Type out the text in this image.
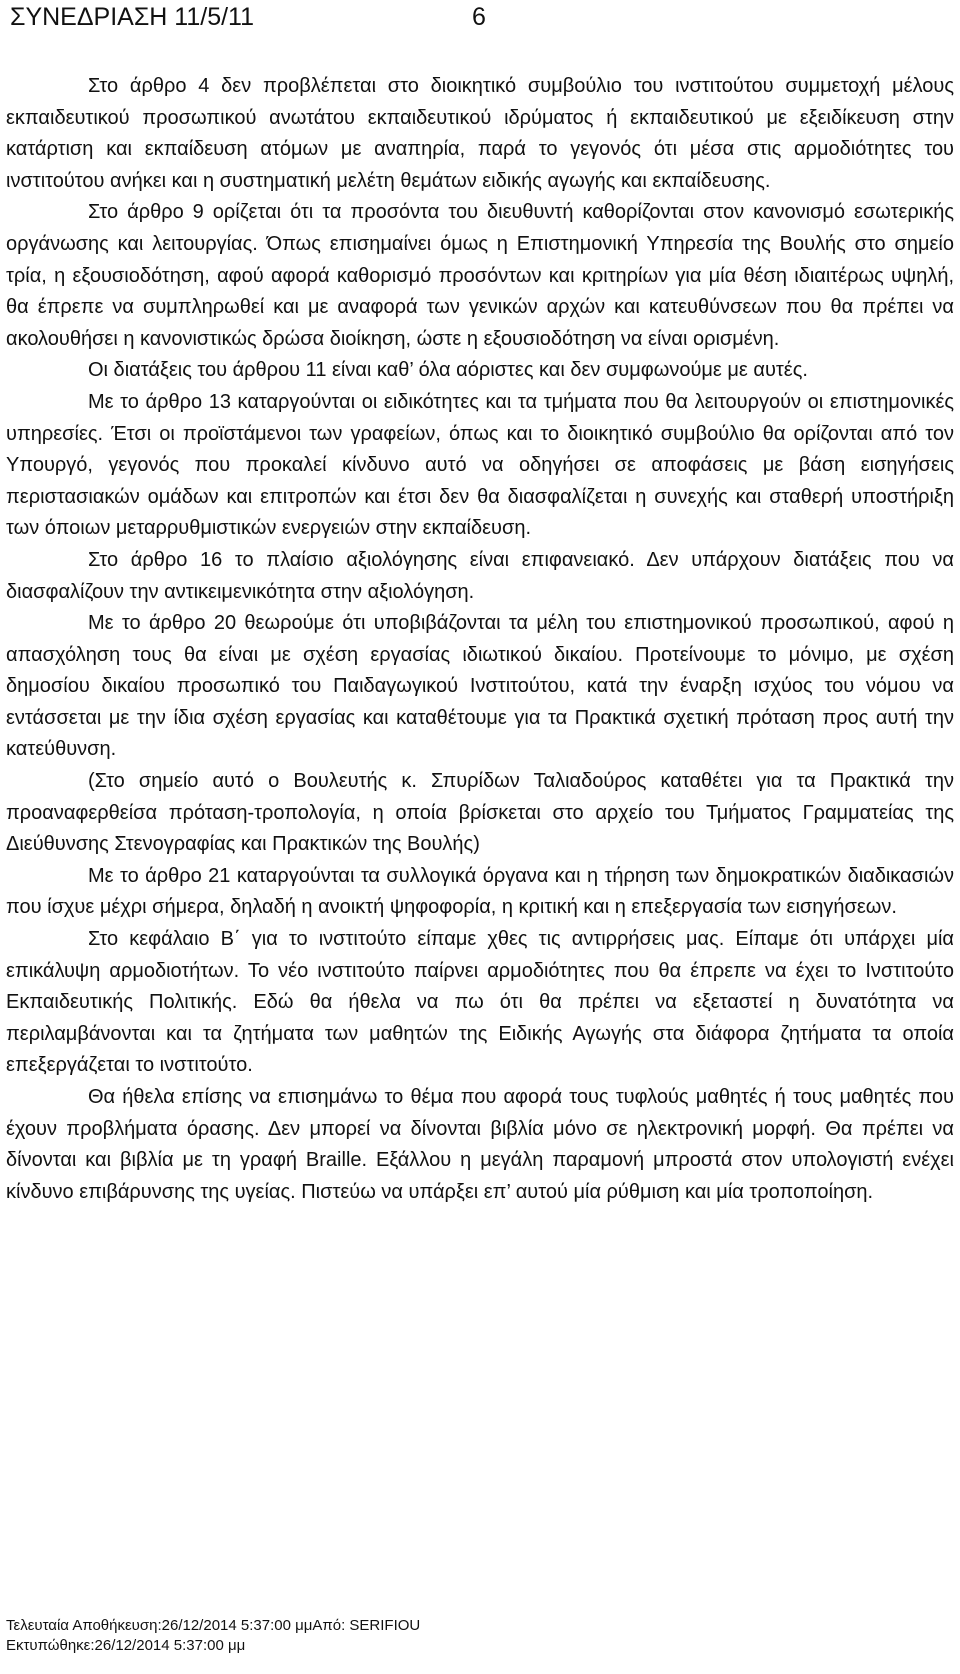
ΣΥΝΕΔΡΙΑΣΗ 11/5/11	6

Στο άρθρο 4 δεν προβλέπεται στο διοικητικό συμβούλιο του ινστιτούτου συμμετοχή μέλους εκπαιδευτικού προσωπικού ανωτάτου εκπαιδευτικού ιδρύματος ή εκπαιδευτικού με εξειδίκευση στην κατάρτιση και εκπαίδευση ατόμων με αναπηρία, παρά το γεγονός ότι μέσα στις αρμοδιότητες του ινστιτούτου ανήκει και η συστηματική μελέτη θεμάτων ειδικής αγωγής και εκπαίδευσης.

Στο άρθρο 9 ορίζεται ότι τα προσόντα του διευθυντή καθορίζονται στον κανονισμό εσωτερικής οργάνωσης και λειτουργίας. Όπως επισημαίνει όμως η Επιστημονική Υπηρεσία της Βουλής στο σημείο τρία, η εξουσιοδότηση, αφού αφορά καθορισμό προσόντων και κριτηρίων για μία θέση ιδιαιτέρως υψηλή, θα έπρεπε να συμπληρωθεί και με αναφορά των γενικών αρχών και κατευθύνσεων που θα πρέπει να ακολουθήσει η κανονιστικώς δρώσα διοίκηση, ώστε η εξουσιοδότηση να είναι ορισμένη.

Οι διατάξεις του άρθρου 11 είναι καθ’ όλα αόριστες και δεν συμφωνούμε με αυτές.

Με το άρθρο 13 καταργούνται οι ειδικότητες και τα τμήματα που θα λειτουργούν οι επιστημονικές υπηρεσίες. Έτσι οι προϊστάμενοι των γραφείων, όπως και το διοικητικό συμβούλιο θα ορίζονται από τον Υπουργό, γεγονός που προκαλεί κίνδυνο αυτό να οδηγήσει σε αποφάσεις με βάση εισηγήσεις περιστασιακών ομάδων και επιτροπών και έτσι δεν θα διασφαλίζεται η συνεχής και σταθερή υποστήριξη των όποιων μεταρρυθμιστικών ενεργειών στην εκπαίδευση.

Στο άρθρο 16 το πλαίσιο αξιολόγησης είναι επιφανειακό. Δεν υπάρχουν διατάξεις που να διασφαλίζουν την αντικειμενικότητα στην αξιολόγηση.

Με το άρθρο 20 θεωρούμε ότι υποβιβάζονται τα μέλη του επιστημονικού προσωπικού, αφού η απασχόληση τους θα είναι με σχέση εργασίας ιδιωτικού δικαίου. Προτείνουμε το μόνιμο, με σχέση δημοσίου δικαίου προσωπικό του Παιδαγωγικού Ινστιτούτου, κατά την έναρξη ισχύος του νόμου να εντάσσεται με την ίδια σχέση εργασίας και καταθέτουμε για τα Πρακτικά σχετική πρόταση προς αυτή την κατεύθυνση.

(Στο σημείο αυτό ο Βουλευτής κ. Σπυρίδων Ταλιαδούρος καταθέτει για τα Πρακτικά την προαναφερθείσα πρόταση-τροπολογία, η οποία βρίσκεται στο αρχείο του Τμήματος Γραμματείας της Διεύθυνσης Στενογραφίας και Πρακτικών της Βουλής)

Με το άρθρο 21 καταργούνται τα συλλογικά όργανα και η τήρηση των δημοκρατικών διαδικασιών που ίσχυε μέχρι σήμερα, δηλαδή η ανοικτή ψηφοφορία, η κριτική και η επεξεργασία των εισηγήσεων.

Στο κεφάλαιο Β΄ για το ινστιτούτο είπαμε χθες τις αντιρρήσεις μας. Είπαμε ότι υπάρχει μία επικάλυψη αρμοδιοτήτων. Το νέο ινστιτούτο παίρνει αρμοδιότητες που θα έπρεπε να έχει το Ινστιτούτο Εκπαιδευτικής Πολιτικής. Εδώ θα ήθελα να πω ότι θα πρέπει να εξεταστεί η δυνατότητα να περιλαμβάνονται και τα ζητήματα των μαθητών της Ειδικής Αγωγής στα διάφορα ζητήματα τα οποία επεξεργάζεται το ινστιτούτο.

Θα ήθελα επίσης να επισημάνω το θέμα που αφορά τους τυφλούς μαθητές ή τους μαθητές που έχουν προβλήματα όρασης. Δεν μπορεί να δίνονται βιβλία μόνο σε ηλεκτρονική μορφή. Θα πρέπει να δίνονται και βιβλία με τη γραφή Braille. Εξάλλου η μεγάλη παραμονή μπροστά στον υπολογιστή ενέχει κίνδυνο επιβάρυνσης της υγείας. Πιστεύω να υπάρξει επ’ αυτού μία ρύθμιση και μία τροποποίηση.

Τελευταία Αποθήκευση:26/12/2014 5:37:00 μμΑπό: SERIFIOU
Εκτυπώθηκε:26/12/2014 5:37:00 μμ
